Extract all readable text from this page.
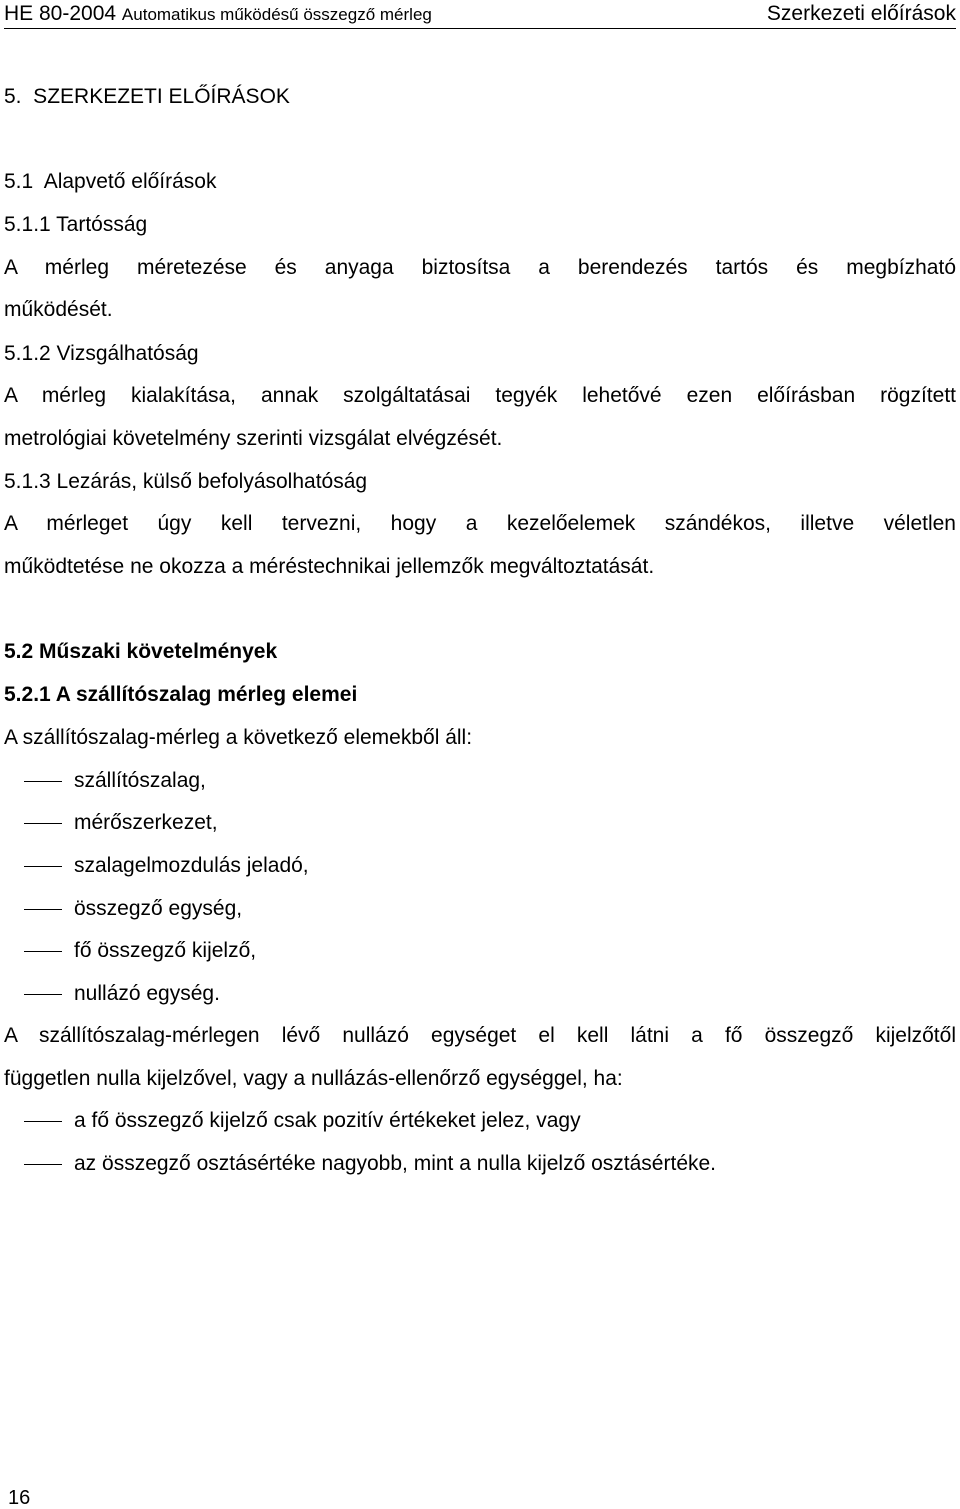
HE 80-2004 Automatikus működésű összegző mérleg	Szerkezeti előírások
5.  SZERKEZETI ELŐÍRÁSOK
5.1  Alapvető előírások
5.1.1 Tartósság
A mérleg méretezése és anyaga biztosítsa a berendezés tartós és megbízható
működését.
5.1.2 Vizsgálhatóság
A mérleg kialakítása, annak szolgáltatásai tegyék lehetővé ezen előírásban rögzített
metrológiai követelmény szerinti vizsgálat elvégzését.
5.1.3 Lezárás, külső befolyásolhatóság
A mérleget úgy kell tervezni, hogy a kezelőelemek szándékos, illetve véletlen
működtetése ne okozza a méréstechnikai jellemzők megváltoztatását.
5.2 Műszaki követelmények
5.2.1 A szállítószalag mérleg elemei
A szállítószalag-mérleg a következő elemekből áll:
szállítószalag,
mérőszerkezet,
szalagelmozdulás jeladó,
összegző egység,
fő összegző kijelző,
nullázó egység.
A szállítószalag-mérlegen lévő nullázó egységet el kell látni a fő összegző kijelzőtől
független nulla kijelzővel, vagy a nullázás-ellenőrző egységgel, ha:
a fő összegző kijelző csak pozitív értékeket jelez, vagy
az összegző osztásértéke nagyobb, mint a nulla kijelző osztásértéke.
16
